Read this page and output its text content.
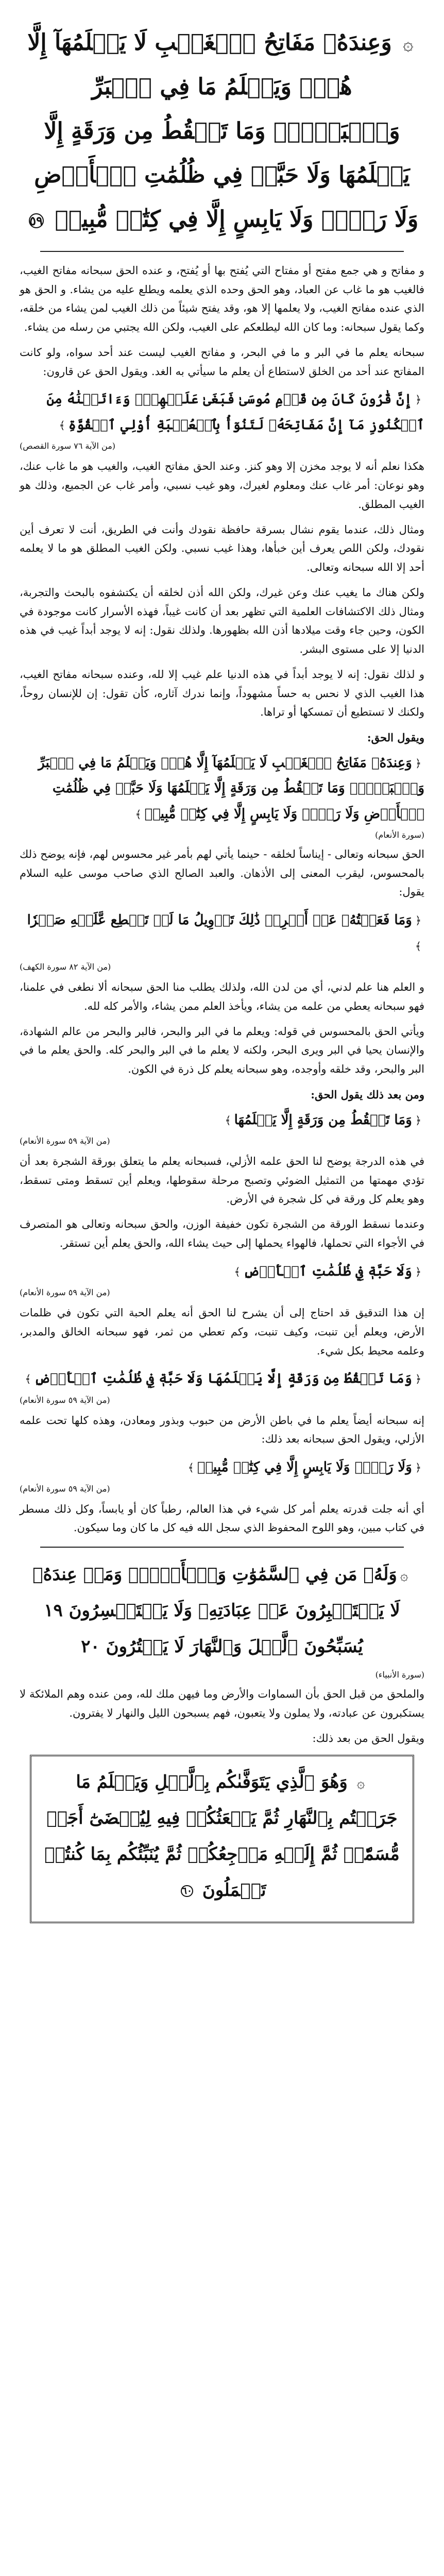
۞ وَعِندَهُۥ مَفَاتِحُ ٱلۡغَيۡبِ لَا يَعۡلَمُهَآ إِلَّا هُوَۚ وَيَعۡلَمُ مَا فِي ٱلۡبَرِّ وَٱلۡبَحۡرِۚ وَمَا تَسۡقُطُ مِن وَرَقَةٍ إِلَّا يَعۡلَمُهَا وَلَا حَبَّةٖ فِي ظُلُمَٰتِ ٱلۡأَرۡضِ وَلَا رَطۡبٖ وَلَا يَابِسٍ إِلَّا فِي كِتَٰبٖ مُّبِينٖ ٥٩

و مفاتح و هي جمع مفتح أو مفتاح التي يُفتح بها أو يُفتح، و عنده الحق سبحانه مفاتح الغيب، فالغيب هو ما غاب عن العباد، وهو الحق وحده الذي يعلمه ويطلع عليه من يشاء. و الحق هو الذي عنده مفاتح الغيب، ولا يعلمها إلا هو، وقد يفتح شيئاً من ذلك الغيب لمن يشاء من خلقه، وكما يقول سبحانه: وما كان الله ليطلعكم على الغيب، ولكن الله يجتبي من رسله من يشاء.

سبحانه يعلم ما في البر و ما في البحر، و مفاتح الغيب ليست عند أحد سواه، ولو كانت المفاتح عند أحد من الخلق لاستطاع أن يعلم ما سيأتي به الغد. ويقول الحق عن قارون:

﴿إِنَّ قَٰرُونَ كَانَ مِن قَوۡمِ مُوسَىٰ فَبَغَىٰ عَلَيۡهِمۡۖ وَءَاتَيۡنَٰهُ مِنَ ٱلۡكُنُوزِ مَآ إِنَّ مَفَاتِحَهُۥ لَتَنُوٓأُ بِٱلۡعُصۡبَةِ أُوْلِي ٱلۡقُوَّةِ﴾

(من الآية ٧٦ سورة القصص)

هكذا نعلم أنه لا يوجد مخزن إلا وهو كنز. وعند الحق مفاتح الغيب، والغيب هو ما غاب عنك، وهو نوعان: أمر غاب عنك ومعلوم لغيرك، وهو غيب نسبي، وأمر غاب عن الجميع، وذلك هو الغيب المطلق.

ومثال ذلك، عندما يقوم نشال بسرقة حافظة نقودك وأنت في الطريق، أنت لا تعرف أين نقودك، ولكن اللص يعرف أين خبأها، وهذا غيب نسبي. ولكن الغيب المطلق هو ما لا يعلمه أحد إلا الله سبحانه وتعالى.

ولكن هناك ما يغيب عنك وعن غيرك، ولكن الله أذن لخلقه أن يكتشفوه بالبحث والتجربة، ومثال ذلك الاكتشافات العلمية التي تظهر بعد أن كانت غيباً، فهذه الأسرار كانت موجودة في الكون، وحين جاء وقت ميلادها أذن الله بظهورها. ولذلك نقول: إنه لا يوجد أبداً غيب في هذه الدنيا إلا على مستوى البشر.

و لذلك نقول: إنه لا يوجد أبداً في هذه الدنيا علم غيب إلا لله، وعنده سبحانه مفاتح الغيب، هذا الغيب الذي لا نحس به حساً مشهوداً، وإنما ندرك آثاره، كأن تقول: إن للإنسان روحاً، ولكنك لا تستطيع أن تمسكها أو تراها.

ويقول الحق:

﴿وَعِندَهُۥ مَفَاتِحُ ٱلۡغَيۡبِ لَا يَعۡلَمُهَآ إِلَّا هُوَۚ وَيَعۡلَمُ مَا فِي ٱلۡبَرِّ وَٱلۡبَحۡرِۚ وَمَا تَسۡقُطُ مِن وَرَقَةٍ إِلَّا يَعۡلَمُهَا وَلَا حَبَّةٖ فِي ظُلُمَٰتِ ٱلۡأَرۡضِ وَلَا رَطۡبٖ وَلَا يَابِسٍ إِلَّا فِي كِتَٰبٖ مُّبِينٖ﴾

(سورة الأنعام)

الحق سبحانه وتعالى - إيناساً لخلقه - حينما يأتي لهم بأمر غير محسوس لهم، فإنه يوضح ذلك بالمحسوس، ليقرب المعنى إلى الأذهان. والعبد الصالح الذي صاحب موسى عليه السلام يقول:

﴿وَمَا فَعَلۡتُهُۥ عَنۡ أَمۡرِيۚ ذَٰلِكَ تَأۡوِيلُ مَا لَمۡ تَسۡطِع عَّلَيۡهِ صَبۡرٗا﴾

(من الآية ٨٢ سورة الكهف)

و العلم هنا علم لدني، أي من لدن الله، ولذلك يطلب منا الحق سبحانه ألا نطغى في علمنا، فهو سبحانه يعطي من علمه من يشاء، ويأخذ العلم ممن يشاء، والأمر كله لله.

ويأتي الحق بالمحسوس في قوله: ويعلم ما في البر والبحر، فالبر والبحر من عالم الشهادة، والإنسان يحيا في البر ويرى البحر، ولكنه لا يعلم ما في البر والبحر كله. والحق يعلم ما في البر والبحر، وقد خلقه وأوجده، وهو سبحانه يعلم كل ذرة في الكون.

ومن بعد ذلك يقول الحق:

﴿وَمَا تَسۡقُطُ مِن وَرَقَةٍ إِلَّا يَعۡلَمُهَا﴾

(من الآية ٥٩ سورة الأنعام)

في هذه الدرجة يوضح لنا الحق علمه الأزلي، فسبحانه يعلم ما يتعلق بورقة الشجرة بعد أن تؤدي مهمتها من التمثيل الضوئي وتصبح مرحلة سقوطها، ويعلم أين تسقط ومتى تسقط، وهو يعلم كل ورقة في كل شجرة في الأرض.

وعندما نسقط الورقة من الشجرة تكون خفيفة الوزن، والحق سبحانه وتعالى هو المتصرف في الأجواء التي تحملها، فالهواء يحملها إلى حيث يشاء الله، والحق يعلم أين تستقر.

﴿وَلَا حَبَّةٖ فِي ظُلُمَٰتِ ٱلۡأَرۡضِ﴾

(من الآية ٥٩ سورة الأنعام)

إن هذا التدقيق قد احتاج إلى أن يشرح لنا الحق أنه يعلم الحبة التي تكون في ظلمات الأرض، ويعلم أين تنبت، وكيف تنبت، وكم تعطي من ثمر، فهو سبحانه الخالق والمدبر، وعلمه محيط بكل شيء.

﴿وَمَا تَسۡقُطُ مِن وَرَقَةٍ إِلَّا يَعۡلَمُهَا وَلَا حَبَّةٖ فِي ظُلُمَٰتِ ٱلۡأَرۡضِ﴾

(من الآية ٥٩ سورة الأنعام)

إنه سبحانه أيضاً يعلم ما في باطن الأرض من حبوب وبذور ومعادن، وهذه كلها تحت علمه الأزلي، ويقول الحق سبحانه بعد ذلك:

﴿وَلَا رَطۡبٖ وَلَا يَابِسٍ إِلَّا فِي كِتَٰبٖ مُّبِينٖ﴾

(من الآية ٥٩ سورة الأنعام)

أي أنه جلت قدرته يعلم أمر كل شيء في هذا العالم، رطباً كان أو يابساً، وكل ذلك مسطر في كتاب مبين، وهو اللوح المحفوظ الذي سجل الله فيه كل ما كان وما سيكون.

۞وَلَهُۥ مَن فِي ٱلسَّمَٰوَٰتِ وَٱلۡأَرۡضِۚ وَمَنۡ عِندَهُۥ لَا يَسۡتَكۡبِرُونَ عَنۡ عِبَادَتِهِۦ وَلَا يَسۡتَحۡسِرُونَ ١٩ يُسَبِّحُونَ ٱلَّيۡلَ وَٱلنَّهَارَ لَا يَفۡتُرُونَ ٢٠
(سورة الأنبياء)

والملحق من قبل الحق بأن السماوات والأرض وما فيهن ملك لله، ومن عنده وهم الملائكة لا يستكبرون عن عبادته، ولا يملون ولا يتعبون، فهم يسبحون الليل والنهار لا يفترون.

ويقول الحق من بعد ذلك:

۞ وَهُوَ ٱلَّذِي يَتَوَفَّىٰكُم بِٱلَّيۡلِ وَيَعۡلَمُ مَا جَرَحۡتُم بِٱلنَّهَارِ ثُمَّ يَبۡعَثُكُمۡ فِيهِ لِيُقۡضَىٰٓ أَجَلٞ مُّسَمّٗىۖ ثُمَّ إِلَيۡهِ مَرۡجِعُكُمۡ ثُمَّ يُنَبِّئُكُم بِمَا كُنتُمۡ تَعۡمَلُونَ ٦٠
